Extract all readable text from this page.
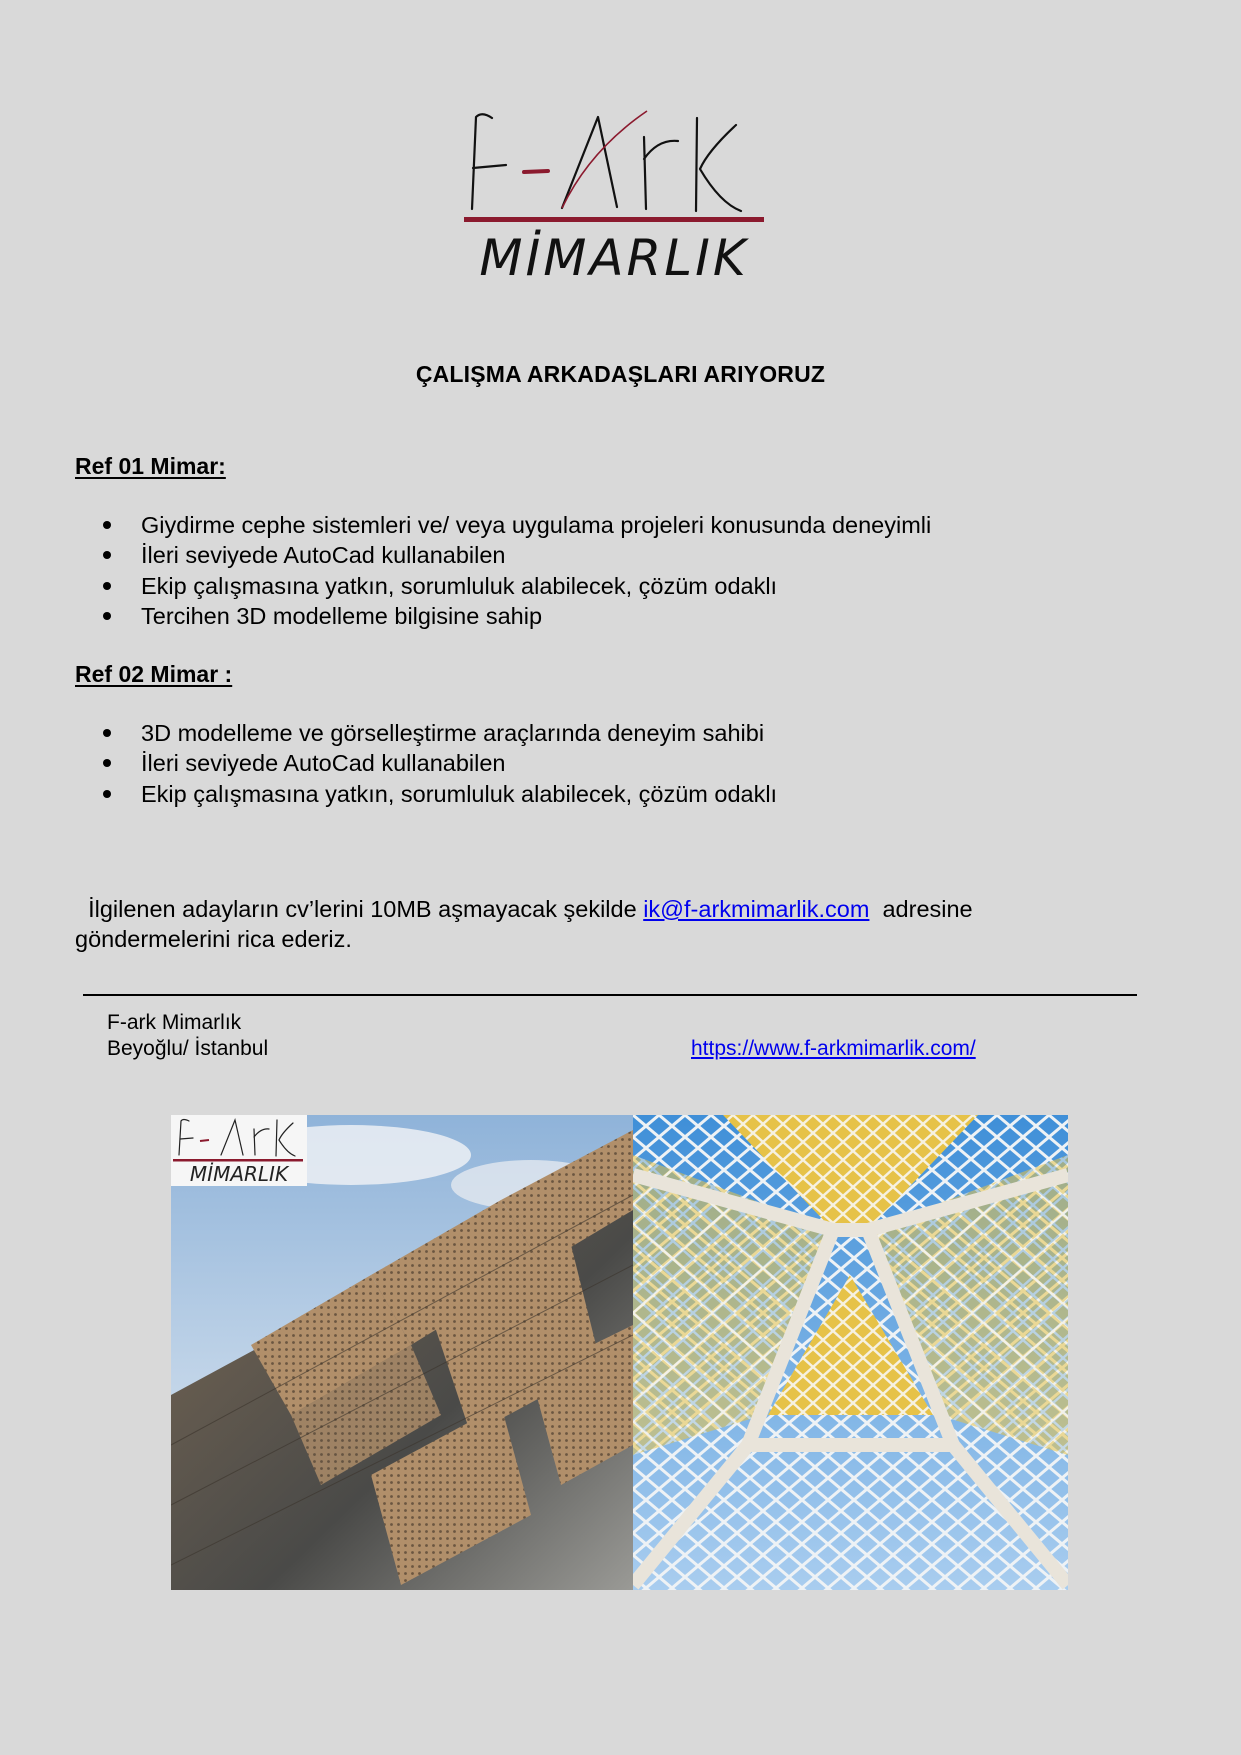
MİMARLIK
ÇALIŞMA ARKADAŞLARI ARIYORUZ
Ref 01 Mimar:
Giydirme cephe sistemleri ve/ veya uygulama projeleri konusunda deneyimli
İleri seviyede AutoCad kullanabilen
Ekip çalışmasına yatkın, sorumluluk alabilecek, çözüm odaklı
Tercihen 3D modelleme bilgisine sahip
Ref 02 Mimar :
3D modelleme ve görselleştirme araçlarında deneyim sahibi
İleri seviyede AutoCad kullanabilen
Ekip çalışmasına yatkın, sorumluluk alabilecek, çözüm odaklı
İlgilenen adayların cv’lerini 10MB aşmayacak şekilde ik@f-arkmimarlik.com adresine
göndermelerini rica ederiz.
F-ark Mimarlık
Beyoğlu/ İstanbul	https://www.f-arkmimarlik.com/
MİMARLIK
